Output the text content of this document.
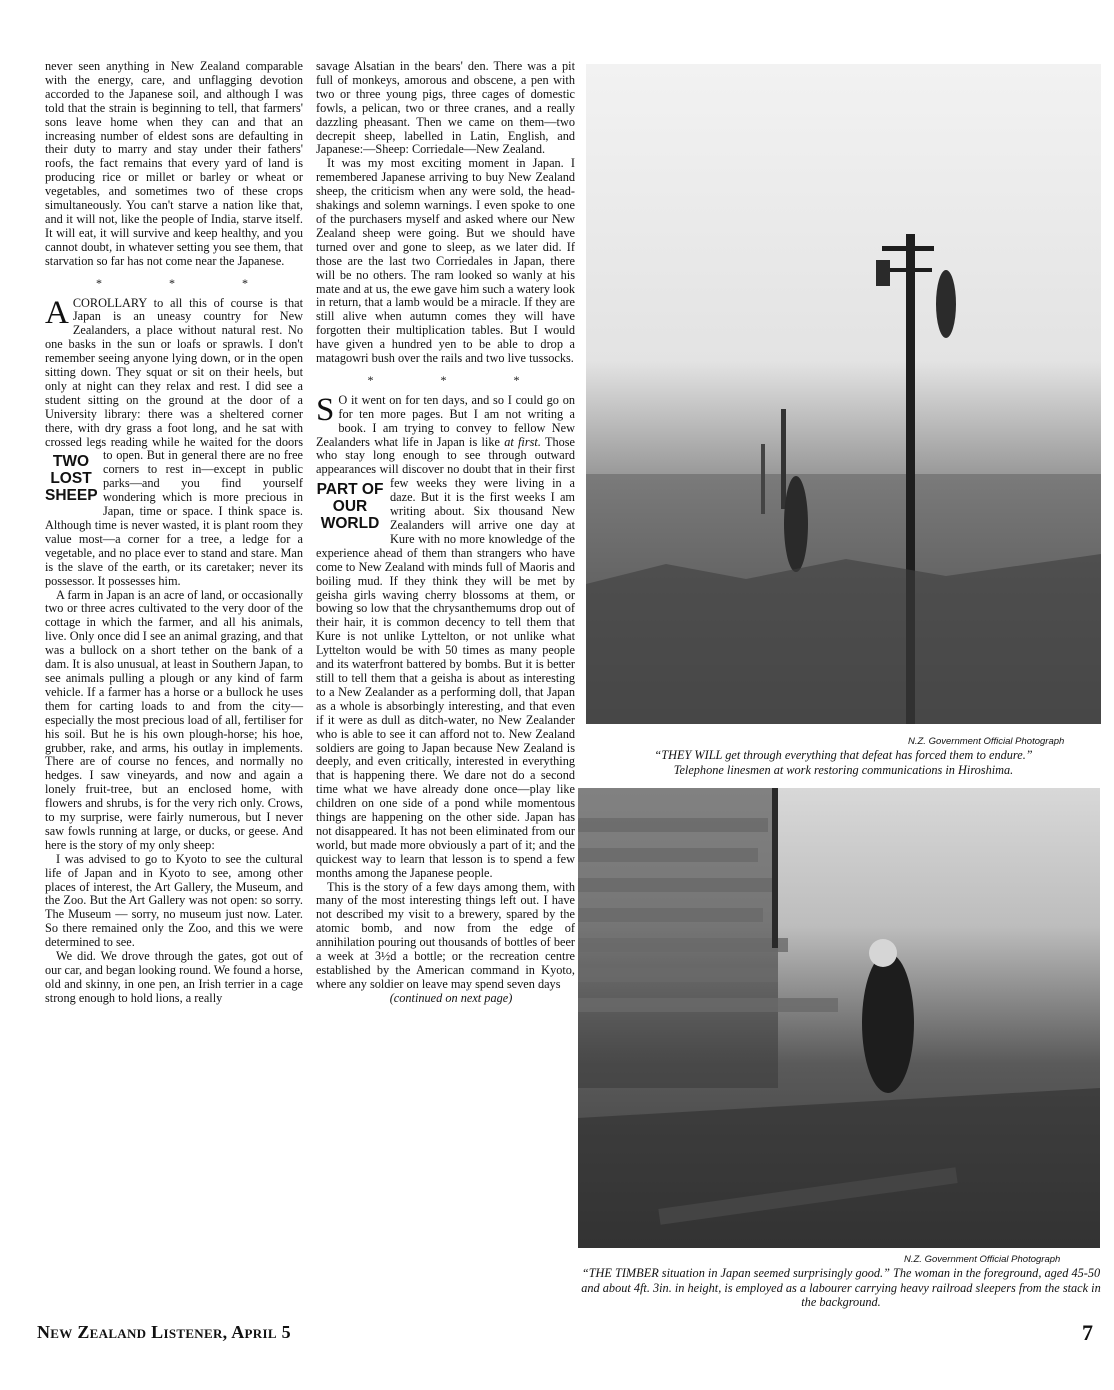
never seen anything in New Zealand comparable with the energy, care, and unflagging devotion accorded to the Japanese soil, and although I was told that the strain is beginning to tell, that farmers' sons leave home when they can and that an increasing number of eldest sons are defaulting in their duty to marry and stay under their fathers' roofs, the fact remains that every yard of land is producing rice or millet or barley or wheat or vegetables, and sometimes two of these crops simultaneously. You can't starve a nation like that, and it will not, like the people of India, starve itself. It will eat, it will survive and keep healthy, and you cannot doubt, in whatever setting you see them, that starvation so far has not come near the Japanese.

* * *

A COROLLARY to all this of course is that Japan is an uneasy country for New Zealanders, a place without natural rest. No one basks in the sun or loafs or sprawls. I don't remember seeing anyone lying down, or in the open sitting down. They squat or sit on their heels, but only at night can they relax and rest. I did see a student sitting on the ground at the door of a University library: there was a sheltered corner there, with dry grass a foot long, and he sat with crossed legs reading while he waited for the doors to
TWO
LOST
SHEEP
open. But in general there are no free corners to rest in—except in public parks—and you find yourself wondering which is more precious in Japan, time or space. I think space is. Although time is never wasted, it is plant room they value most—a corner for a tree, a ledge for a vegetable, and no place ever to stand and stare. Man is the slave of the earth, or its caretaker; never its possessor. It possesses him.

A farm in Japan is an acre of land, or occasionally two or three acres cultivated to the very door of the cottage in which the farmer, and all his animals, live. Only once did I see an animal grazing, and that was a bullock on a short tether on the bank of a dam. It is also unusual, at least in Southern Japan, to see animals pulling a plough or any kind of farm vehicle. If a farmer has a horse or a bullock he uses them for carting loads to and from the city—especially the most precious load of all, fertiliser for his soil. But he is his own plough-horse; his hoe, grubber, rake, and arms, his outlay in implements. There are of course no fences, and normally no hedges. I saw vineyards, and now and again a lonely fruit-tree, but an enclosed home, with flowers and shrubs, is for the very rich only. Crows, to my surprise, were fairly numerous, but I never saw fowls running at large, or ducks, or geese. And here is the story of my only sheep:

I was advised to go to Kyoto to see the cultural life of Japan and in Kyoto to see, among other places of interest, the Art Gallery, the Museum, and the Zoo. But the Art Gallery was not open: so sorry. The Museum — sorry, no museum just now. Later. So there remained only the Zoo, and this we were determined to see.

We did. We drove through the gates, got out of our car, and began looking round. We found a horse, old and skinny, in one pen, an Irish terrier in a cage strong enough to hold lions, a really

savage Alsatian in the bears' den. There was a pit full of monkeys, amorous and obscene, a pen with two or three young pigs, three cages of domestic fowls, a pelican, two or three cranes, and a really dazzling pheasant. Then we came on them—two decrepit sheep, labelled in Latin, English, and Japanese:—Sheep: Corriedale—New Zealand.

It was my most exciting moment in Japan. I remembered Japanese arriving to buy New Zealand sheep, the criticism when any were sold, the head-shakings and solemn warnings. I even spoke to one of the purchasers myself and asked where our New Zealand sheep were going. But we should have turned over and gone to sleep, as we later did. If those are the last two Corriedales in Japan, there will be no others. The ram looked so wanly at his mate and at us, the ewe gave him such a watery look in return, that a lamb would be a miracle. If they are still alive when autumn comes they will have forgotten their multiplication tables. But I would have given a hundred yen to be able to drop a matagowri bush over the rails and two live tussocks.

* * *

S O it went on for ten days, and so I could go on for ten more pages. But I am not writing a book. I am trying to convey to fellow New Zealanders what life in Japan is like at first. Those who stay long enough to see through outward appearances will discover no doubt that
PART OF
OUR
WORLD
in their first few weeks they were living in a daze. But it is the first weeks I am writing about. Six thousand New Zealanders will arrive one day at Kure with no more knowledge of the experience ahead of them than strangers who have come to New Zealand with minds full of Maoris and boiling mud. If they think they will be met by geisha girls waving cherry blossoms at them, or bowing so low that the chrysanthemums drop out of their hair, it is common decency to tell them that Kure is not unlike Lyttelton, or not unlike what Lyttelton would be with 50 times as many people and its waterfront battered by bombs. But it is better still to tell them that a geisha is about as interesting to a New Zealander as a performing doll, that Japan as a whole is absorbingly interesting, and that even if it were as dull as ditch-water, no New Zealander who is able to see it can afford not to. New Zealand soldiers are going to Japan because New Zealand is deeply, and even critically, interested in everything that is happening there. We dare not do a second time what we have already done once—play like children on one side of a pond while momentous things are happening on the other side. Japan has not disappeared. It has not been eliminated from our world, but made more obviously a part of it; and the quickest way to learn that lesson is to spend a few months among the Japanese people.

This is the story of a few days among them, with many of the most interesting things left out. I have not described my visit to a brewery, spared by the atomic bomb, and now from the edge of annihilation pouring out thousands of bottles of beer a week at 3½d a bottle; or the recreation centre established by the American command in Kyoto, where any soldier on leave may spend seven days

(continued on next page)

N.Z. Government Official Photograph
“THEY WILL get through everything that defeat has forced them to endure.”
Telephone linesmen at work restoring communications in Hiroshima.
N.Z. Government Official Photograph
“THE TIMBER situation in Japan seemed surprisingly good.” The woman in the foreground, aged 45-50 and about 4ft. 3in. in height, is employed as a labourer carrying heavy railroad sleepers from the stack in the background.
New Zealand Listener, April 5	7
